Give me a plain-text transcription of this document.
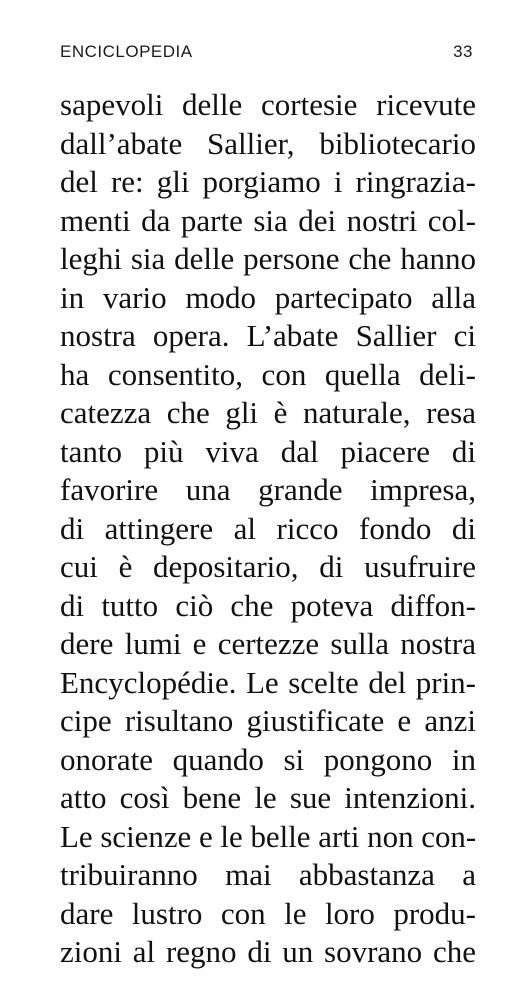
ENCICLOPEDIA	33
sapevoli delle cortesie ricevute
dall’abate Sallier, bibliotecario
del re: gli porgiamo i ringrazia-
menti da parte sia dei nostri col-
leghi sia delle persone che hanno
in vario modo partecipato alla
nostra opera. L’abate Sallier ci
ha consentito, con quella deli-
catezza che gli è naturale, resa
tanto più viva dal piacere di
favorire una grande impresa,
di attingere al ricco fondo di
cui è depositario, di usufruire
di tutto ciò che poteva diffon-
dere lumi e certezze sulla nostra
Encyclopédie. Le scelte del prin-
cipe risultano giustificate e anzi
onorate quando si pongono in
atto così bene le sue intenzioni.
Le scienze e le belle arti non con-
tribuiranno mai abbastanza a
dare lustro con le loro produ-
zioni al regno di un sovrano che
